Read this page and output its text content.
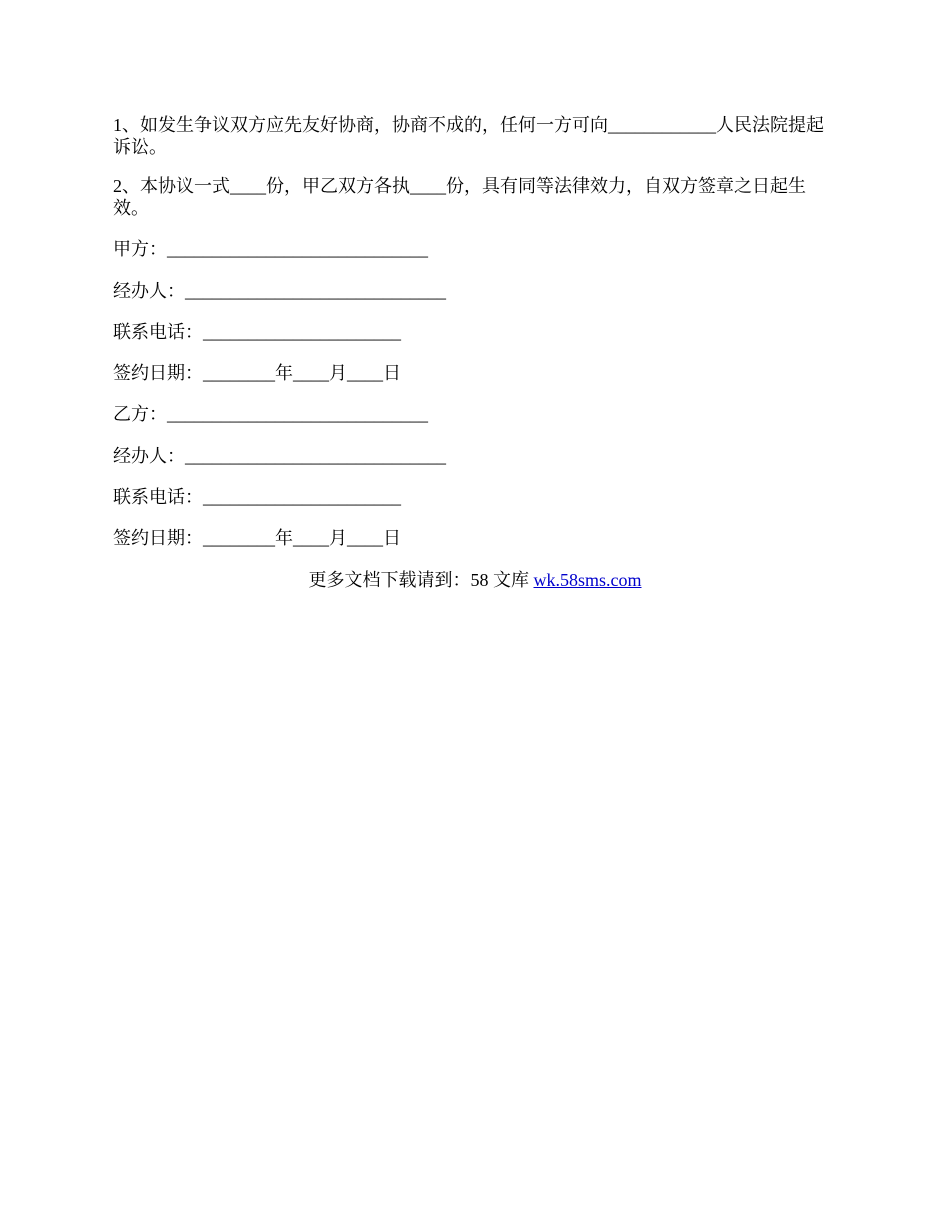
1、如发生争议双方应先友好协商，协商不成的，任何一方可向____________人民法院提起诉讼。

2、本协议一式____份，甲乙双方各执____份，具有同等法律效力，自双方签章之日起生效。

甲方：_____________________________

经办人：_____________________________

联系电话：______________________

签约日期：________年____月____日

乙方：_____________________________

经办人：_____________________________

联系电话：______________________

签约日期：________年____月____日

更多文档下载请到：58 文库 wk.58sms.com
